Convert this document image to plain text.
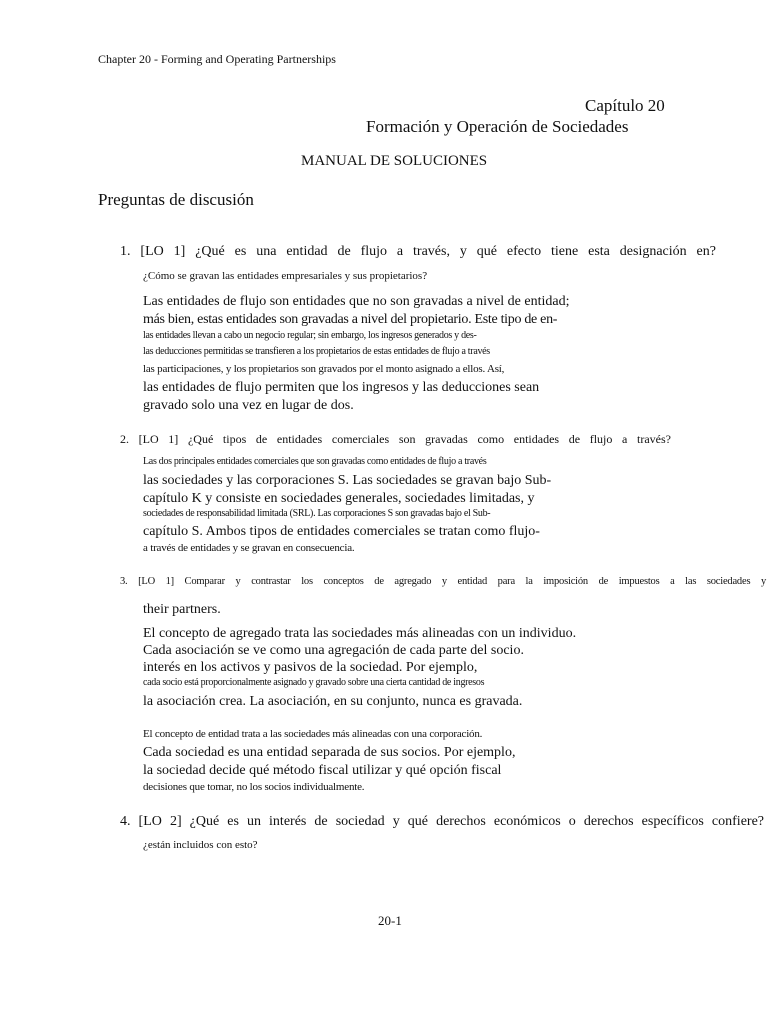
Chapter 20 - Forming and Operating Partnerships
Capítulo 20
Formación y Operación de Sociedades
MANUAL DE SOLUCIONES
Preguntas de discusión
1. [LO 1] ¿Qué es una entidad de flujo a través, y qué efecto tiene esta designación en?
¿Cómo se gravan las entidades empresariales y sus propietarios?
Las entidades de flujo son entidades que no son gravadas a nivel de entidad;
más bien, estas entidades son gravadas a nivel del propietario. Este tipo de en-
las entidades llevan a cabo un negocio regular; sin embargo, los ingresos generados y des-
las deducciones permitidas se transfieren a los propietarios de estas entidades de flujo a través
las participaciones, y los propietarios son gravados por el monto asignado a ellos. Así,
las entidades de flujo permiten que los ingresos y las deducciones sean
gravado solo una vez en lugar de dos.
2. [LO 1] ¿Qué tipos de entidades comerciales son gravadas como entidades de flujo a través?
Las dos principales entidades comerciales que son gravadas como entidades de flujo a través
las sociedades y las corporaciones S. Las sociedades se gravan bajo Sub-
capítulo K y consiste en sociedades generales, sociedades limitadas, y
sociedades de responsabilidad limitada (SRL). Las corporaciones S son gravadas bajo el Sub-
capítulo S. Ambos tipos de entidades comerciales se tratan como flujo-
a través de entidades y se gravan en consecuencia.
3. [LO 1] Comparar y contrastar los conceptos de agregado y entidad para la imposición de impuestos a las sociedades y
their partners.
El concepto de agregado trata las sociedades más alineadas con un individuo.
Cada asociación se ve como una agregación de cada parte del socio.
interés en los activos y pasivos de la sociedad. Por ejemplo,
cada socio está proporcionalmente asignado y gravado sobre una cierta cantidad de ingresos
la asociación crea. La asociación, en su conjunto, nunca es gravada.
El concepto de entidad trata a las sociedades más alineadas con una corporación.
Cada sociedad es una entidad separada de sus socios. Por ejemplo,
la sociedad decide qué método fiscal utilizar y qué opción fiscal
decisiones que tomar, no los socios individualmente.
4. [LO 2] ¿Qué es un interés de sociedad y qué derechos económicos o derechos específicos confiere?
¿están incluidos con esto?
20-1
